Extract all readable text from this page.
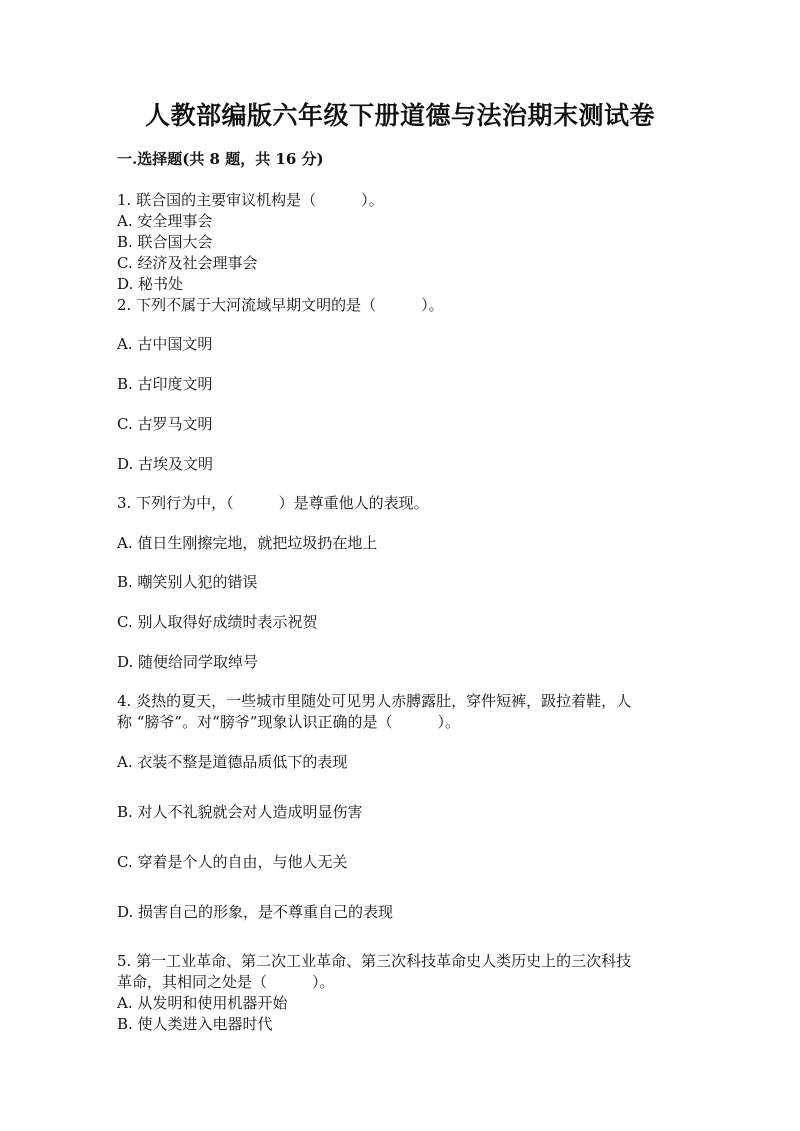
人教部编版六年级下册道德与法治期末测试卷
一.选择题(共 8 题，共 16 分)
1. 联合国的主要审议机构是（　　　）。
A. 安全理事会
B. 联合国大会
C. 经济及社会理事会
D. 秘书处
2. 下列不属于大河流域早期文明的是（　　　）。
A. 古中国文明
B. 古印度文明
C. 古罗马文明
D. 古埃及文明
3. 下列行为中，（　　　）是尊重他人的表现。
A. 值日生刚擦完地，就把垃圾扔在地上
B. 嘲笑别人犯的错误
C. 别人取得好成绩时表示祝贺
D. 随便给同学取绰号
4. 炎热的夏天，一些城市里随处可见男人赤膊露肚，穿件短裤，趿拉着鞋，人
称 “膀爷”。对“膀爷”现象认识正确的是（　　　）。
A. 衣装不整是道德品质低下的表现
B. 对人不礼貌就会对人造成明显伤害
C. 穿着是个人的自由，与他人无关
D. 损害自己的形象，是不尊重自己的表现
5. 第一工业革命、第二次工业革命、第三次科技革命史人类历史上的三次科技
革命，其相同之处是（　　　）。
A. 从发明和使用机器开始
B. 使人类进入电器时代
